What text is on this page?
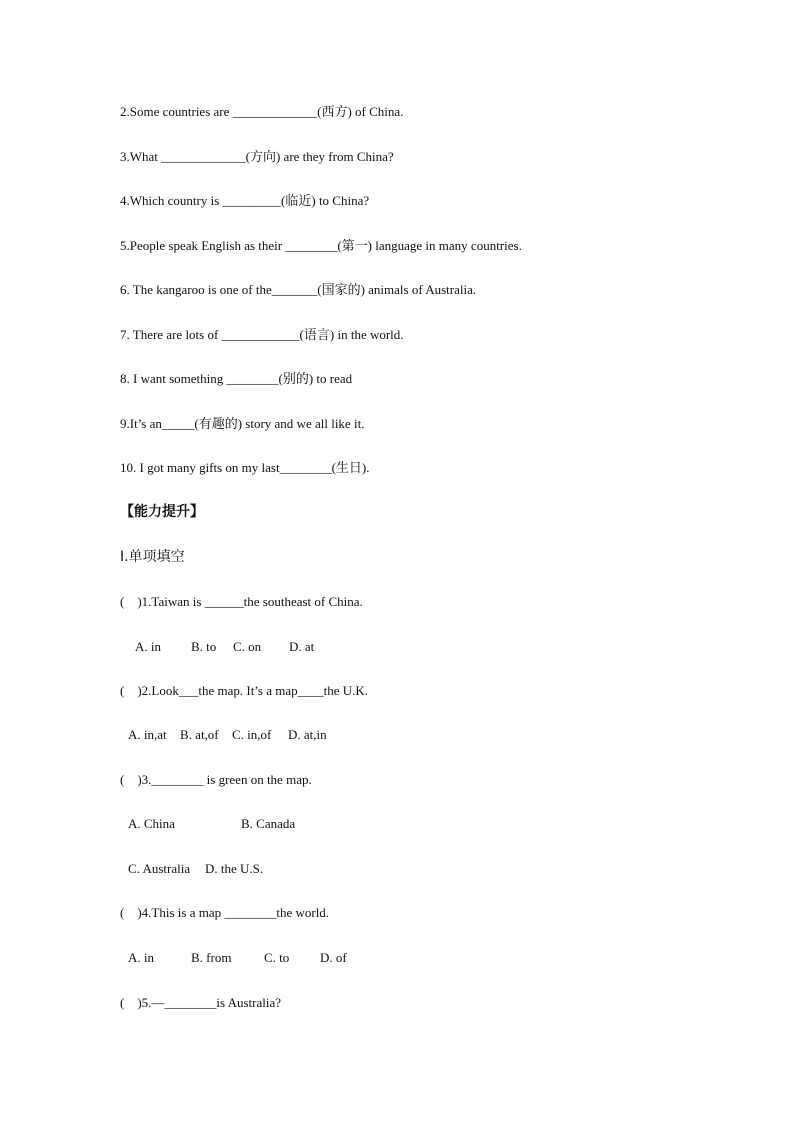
2.Some countries are _____________(西方) of China.
3.What _____________(方向) are they from China?
4.Which country is _________(临近) to China?
5.People speak English as their ________(第一) language in many countries.
6. The kangaroo is one of the_______(国家的) animals of Australia.
7. There are lots of ____________(语言) in the world.
8. I want something ________(别的) to read
9.It’s an_____(有趣的) story and we all like it.
10. I got many gifts on my last________(生日).
【能力提升】
Ⅰ.单项填空
(    )1.Taiwan is ______the southeast of China.
A. in B. to C. on D. at
(    )2.Look___the map. It’s a map____the U.K.
A. in,at B. at,of C. in,of D. at,in
(    )3.________ is green on the map.
A. China	B. Canada
C. Australia D. the U.S.
(    )4.This is a map ________the world.
A. in	B. from	C. to D. of
(    )5.—________is Australia?
